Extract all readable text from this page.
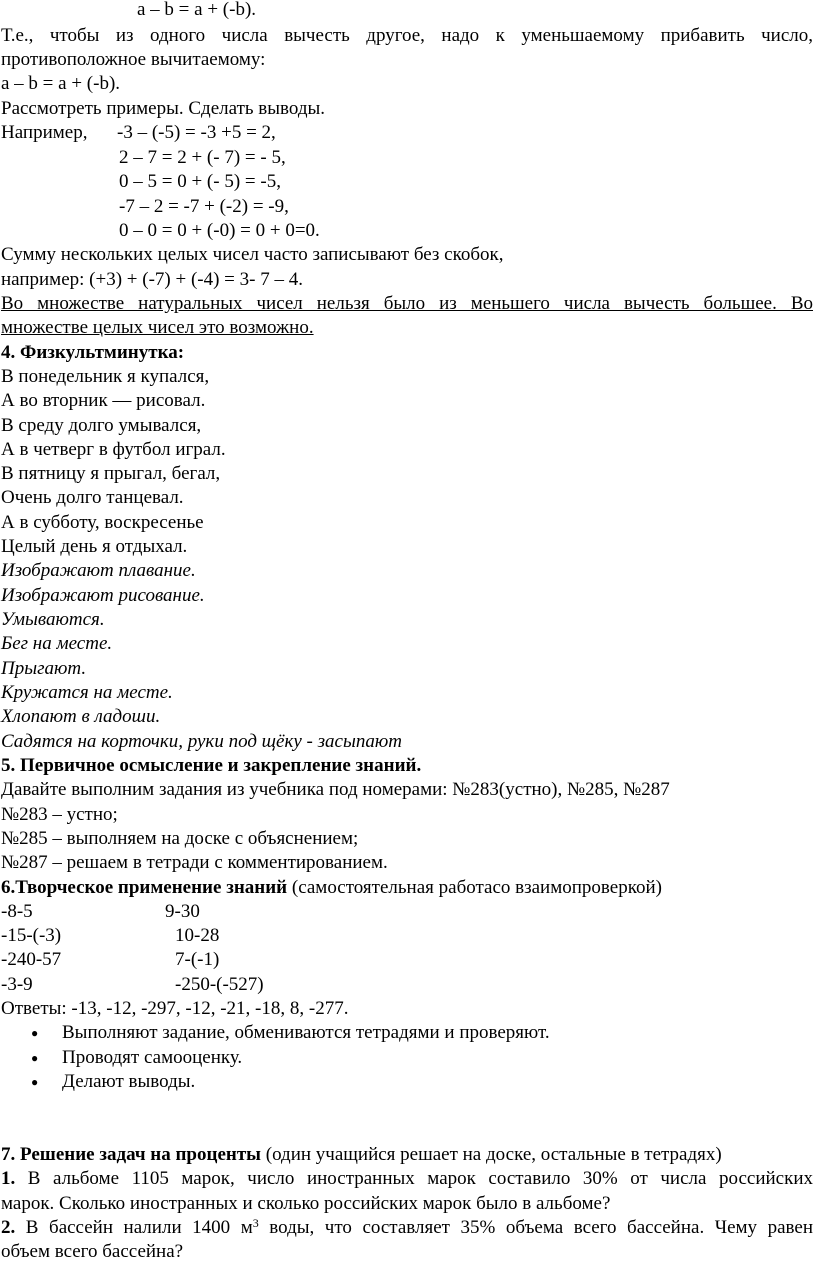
a – b = a + (-b).
Т.е., чтобы из одного числа вычесть другое, надо к уменьшаемому прибавить число,
противоположное вычитаемому:
a – b = a + (-b).
Рассмотреть примеры. Сделать выводы.
Например, -3 – (-5) = -3 +5 = 2,
2 – 7 = 2 + (- 7) = - 5,
0 – 5 = 0 + (- 5) = -5,
-7 – 2 = -7 + (-2) = -9,
0 – 0 = 0 + (-0) = 0 + 0=0.
Сумму нескольких целых чисел часто записывают без скобок,
например: (+3) + (-7) + (-4) = 3- 7 – 4.
Во множестве натуральных чисел нельзя было из меньшего числа вычесть большее. Во
множестве целых чисел это возможно.
4. Физкультминутка:
В понедельник я купался,
А во вторник — рисовал.
В среду долго умывался,
А в четверг в футбол играл.
В пятницу я прыгал, бегал,
Очень долго танцевал.
А в субботу, воскресенье
Целый день я отдыхал.
Изображают плавание.
Изображают рисование.
Умываются.
Бег на месте.
Прыгают.
Кружатся на месте.
Хлопают в ладоши.
Садятся на корточки, руки под щёку - засыпают
5. Первичное осмысление и закрепление знаний.
Давайте выполним задания из учебника под номерами: №283(устно), №285, №287
№283 – устно;
№285 – выполняем на доске с объяснением;
№287 – решаем в тетради с комментированием.
6.Творческое применение знаний (самостоятельная работасо взаимопроверкой)
-8-5	9-30
-15-(-3)	10-28
-240-57	7-(-1)
-3-9	-250-(-527)
Ответы: -13, -12, -297, -12, -21, -18, 8, -277.
● Выполняют задание, обмениваются тетрадями и проверяют.
● Проводят самооценку.
● Делают выводы.
7. Решение задач на проценты (один учащийся решает на доске, остальные в тетрадях)
1. В альбоме 1105 марок, число иностранных марок составило 30% от числа российских
марок. Сколько иностранных и сколько российских марок было в альбоме?
2. В бассейн налили 1400 $м^3$ воды, что составляет 35% объема всего бассейна. Чему равен
объем всего бассейна?
